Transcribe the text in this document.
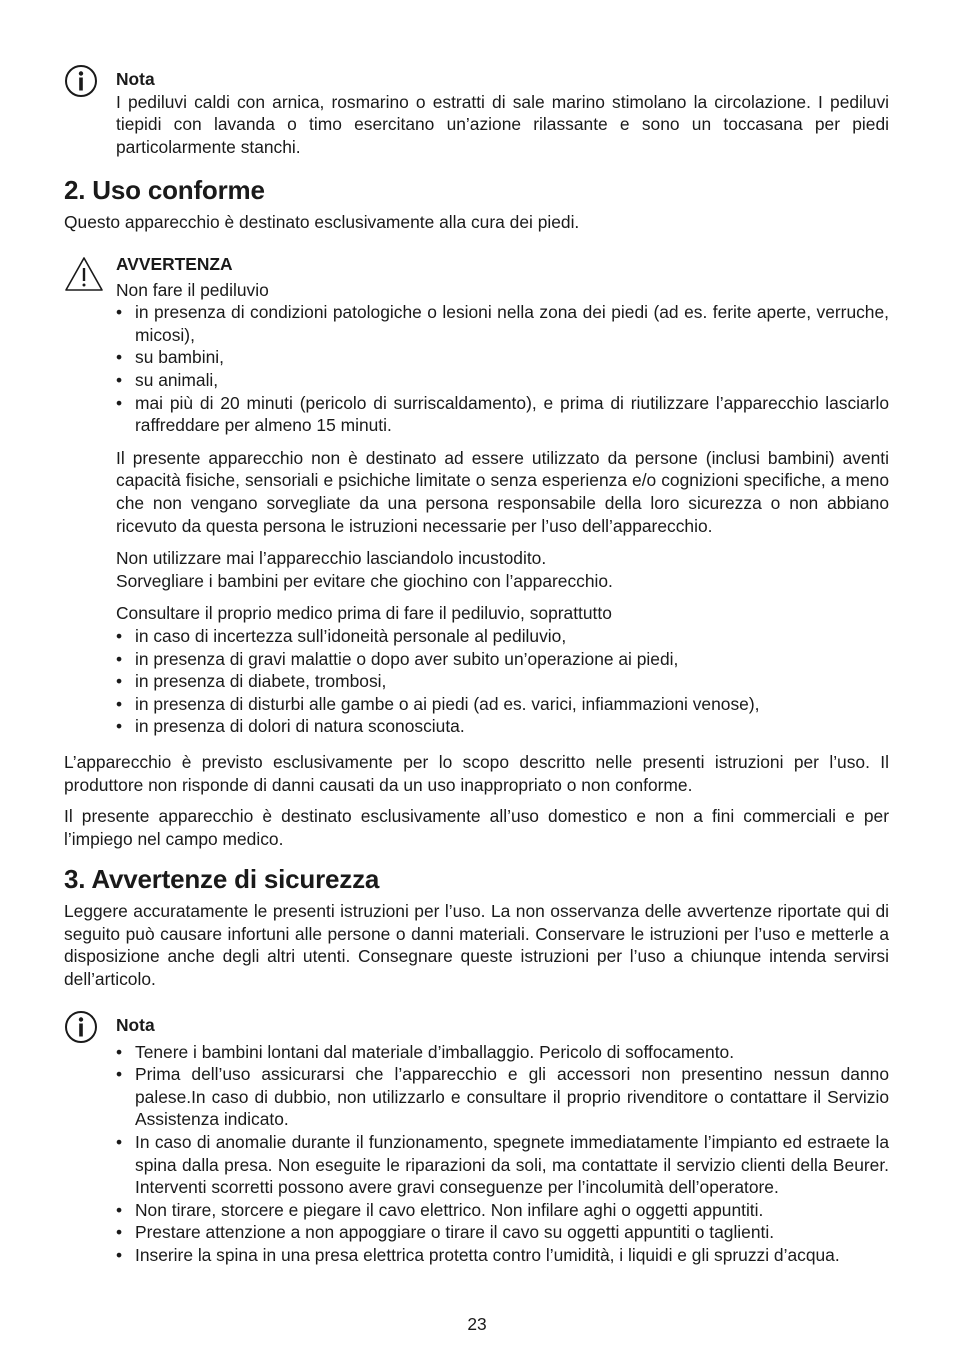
Nota

I pediluvi caldi con arnica, rosmarino o estratti di sale marino stimolano la circolazione. I pediluvi tiepidi con lavanda o timo esercitano un’azione rilassante e sono un toccasana per piedi particolarmente stanchi.

2. Uso conforme

Questo apparecchio è destinato esclusivamente alla cura dei piedi.

AVVERTENZA

Non fare il pediluvio

• in presenza di condizioni patologiche o lesioni nella zona dei piedi (ad es. ferite aperte, verruche, micosi),
• su bambini,
• su animali,
• mai più di 20 minuti (pericolo di surriscaldamento), e prima di riutilizzare l’apparecchio lasciarlo raffreddare per almeno 15 minuti.

Il presente apparecchio non è destinato ad essere utilizzato da persone (inclusi bambini) aventi capacità fisiche, sensoriali e psichiche limitate o senza esperienza e/o cognizioni specifiche, a meno che non vengano sorvegliate da una persona responsabile della loro sicurezza o non abbiano ricevuto da questa persona le istruzioni necessarie per l’uso dell’apparecchio.

Non utilizzare mai l’apparecchio lasciandolo incustodito.

Sorvegliare i bambini per evitare che giochino con l’apparecchio.

Consultare il proprio medico prima di fare il pediluvio, soprattutto

• in caso di incertezza sull’idoneità personale al pediluvio,
• in presenza di gravi malattie o dopo aver subito un’operazione ai piedi,
• in presenza di diabete, trombosi,
• in presenza di disturbi alle gambe o ai piedi (ad es. varici, infiammazioni venose),
• in presenza di dolori di natura sconosciuta.

L’apparecchio è previsto esclusivamente per lo scopo descritto nelle presenti istruzioni per l’uso. Il produttore non risponde di danni causati da un uso inappropriato o non conforme.

Il presente apparecchio è destinato esclusivamente all’uso domestico e non a fini commerciali e per l’impiego nel campo medico.

3. Avvertenze di sicurezza

Leggere accuratamente le presenti istruzioni per l’uso. La non osservanza delle avvertenze riportate qui di seguito può causare infortuni alle persone o danni materiali. Conservare le istruzioni per l’uso e metterle a disposizione anche degli altri utenti. Consegnare queste istruzioni per l’uso a chiunque intenda servirsi dell’articolo.

Nota

• Tenere i bambini lontani dal materiale d’imballaggio. Pericolo di soffocamento.
• Prima dell’uso assicurarsi che l’apparecchio e gli accessori non presentino nessun danno palese.In caso di dubbio, non utilizzarlo e consultare il proprio rivenditore o contattare il Servizio Assistenza indicato.
• In caso di anomalie durante il funzionamento, spegnete immediatamente l’impianto ed estraete la spina dalla presa. Non eseguite le riparazioni da soli, ma contattate il servizio clienti della Beurer. Interventi scorretti possono avere gravi conseguenze per l’incolumità dell’operatore.
• Non tirare, storcere e piegare il cavo elettrico. Non infilare aghi o oggetti appuntiti.
• Prestare attenzione a non appoggiare o tirare il cavo su oggetti appuntiti o taglienti.
• Inserire la spina in una presa elettrica protetta contro l’umidità, i liquidi e gli spruzzi d’acqua.
23
